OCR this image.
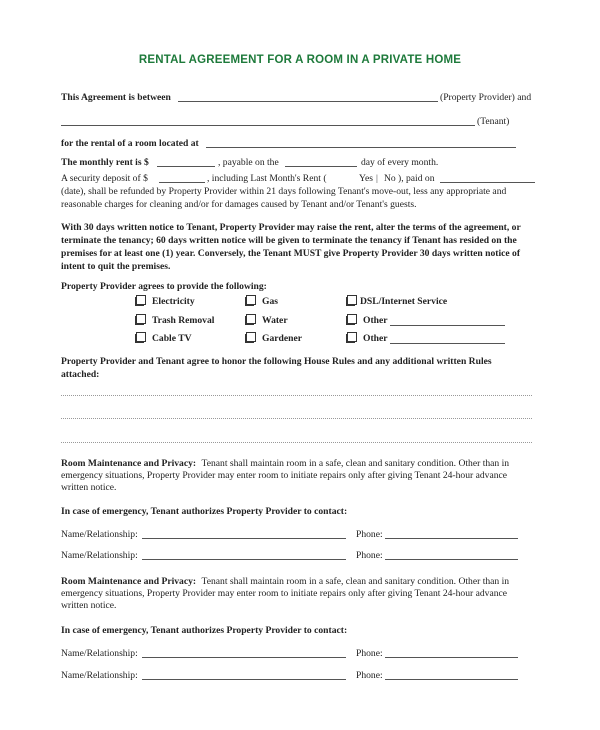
RENTAL AGREEMENT FOR A ROOM IN A PRIVATE HOME
This Agreement is between	(Property Provider) and
(Tenant)
for the rental of a room located at
The monthly rent is $	, payable on the	day of every month.
A security deposit of $	, including Last Month's Rent (	Yes | No ), paid on
(date), shall be refunded by Property Provider within 21 days following Tenant's move-out, less any appropriate and
reasonable charges for cleaning and/or for damages caused by Tenant and/or Tenant's guests.
With 30 days written notice to Tenant, Property Provider may raise the rent, alter the terms of the agreement, or
terminate the tenancy; 60 days written notice will be given to terminate the tenancy if Tenant has resided on the
premises for at least one (1) year. Conversely, the Tenant MUST give Property Provider 30 days written notice of
intent to quit the premises.
Property Provider agrees to provide the following:
Electricity	Gas	DSL/Internet Service
Trash Removal	Water	Other
Cable TV	Gardener	Other
Property Provider and Tenant agree to honor the following House Rules and any additional written Rules
attached:
Room Maintenance and Privacy: Tenant shall maintain room in a safe, clean and sanitary condition. Other than in
emergency situations, Property Provider may enter room to initiate repairs only after giving Tenant 24-hour advance
written notice.
In case of emergency, Tenant authorizes Property Provider to contact:
Name/Relationship:	Phone:
Name/Relationship:	Phone:
Room Maintenance and Privacy: Tenant shall maintain room in a safe, clean and sanitary condition. Other than in
emergency situations, Property Provider may enter room to initiate repairs only after giving Tenant 24-hour advance
written notice.
In case of emergency, Tenant authorizes Property Provider to contact:
Name/Relationship:	Phone:
Name/Relationship:	Phone:
